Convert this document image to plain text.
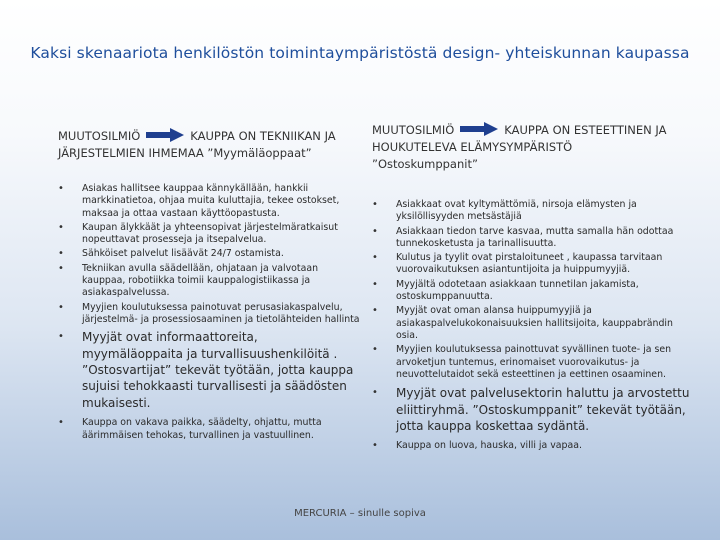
Kaksi skenaariota henkilöstön toimintaympäristöstä design- yhteiskunnan kaupassa
MUUTOSILMIÖ	KAUPPA ON TEKNIIKAN JA
JÄRJESTELMIEN IHMEMAA ”Myymäläoppaat”
MUUTOSILMIÖ	KAUPPA ON ESTEETTINEN JA
HOUKUTELEVA ELÄMYSYMPÄRISTÖ
”Ostoskumppanit”
• Asiakas hallitsee kauppaa kännykällään, hankkii markkinatietoa, ohjaa muita kuluttajia, tekee ostokset, maksaa ja ottaa vastaan käyttöopastusta.
• Kaupan älykkäät ja yhteensopivat järjestelmäratkaisut nopeuttavat prosesseja ja itsepalvelua.
• Sähköiset palvelut lisäävät 24/7 ostamista.
• Tekniikan avulla säädellään, ohjataan ja valvotaan kauppaa, robotiikka toimii kauppalogistiikassa ja asiakaspalvelussa.
• Myyjien koulutuksessa painotuvat perusasiakaspalvelu, järjestelmä- ja prosessiosaaminen ja tietolähteiden hallinta
• Myyjät ovat informaattoreita, myymäläoppaita ja turvallisuushenkilöitä . ”Ostosvartijat” tekevät työtään, jotta kauppa sujuisi tehokkaasti turvallisesti ja säädösten mukaisesti.
• Kauppa on vakava paikka, säädelty, ohjattu, mutta äärimmäisen tehokas, turvallinen ja vastuullinen.
• Asiakkaat ovat kyltymättömiä, nirsoja elämysten ja yksilöllisyyden metsästäjiä
• Asiakkaan tiedon tarve kasvaa, mutta samalla hän odottaa tunnekosketusta ja tarinallisuutta.
• Kulutus ja tyylit ovat pirstaloituneet , kaupassa tarvitaan vuorovaikutuksen asiantuntijoita ja huippumyyjiä.
• Myyjältä odotetaan asiakkaan tunnetilan jakamista, ostoskumppanuutta.
• Myyjät ovat oman alansa huippumyyjiä ja asiakaspalvelukokonaisuuksien hallitsijoita, kauppabrändin osia.
• Myyjien koulutuksessa painottuvat syvällinen tuote- ja sen arvoketjun tuntemus, erinomaiset vuorovaikutus- ja neuvottelutaidot sekä esteettinen ja eettinen osaaminen.
• Myyjät ovat palvelusektorin haluttu ja arvostettu eliittiryhmä. ”Ostoskumppanit” tekevät työtään, jotta kauppa koskettaa sydäntä.
• Kauppa on luova, hauska, villi ja vapaa.
MERCURIA – sinulle sopiva
